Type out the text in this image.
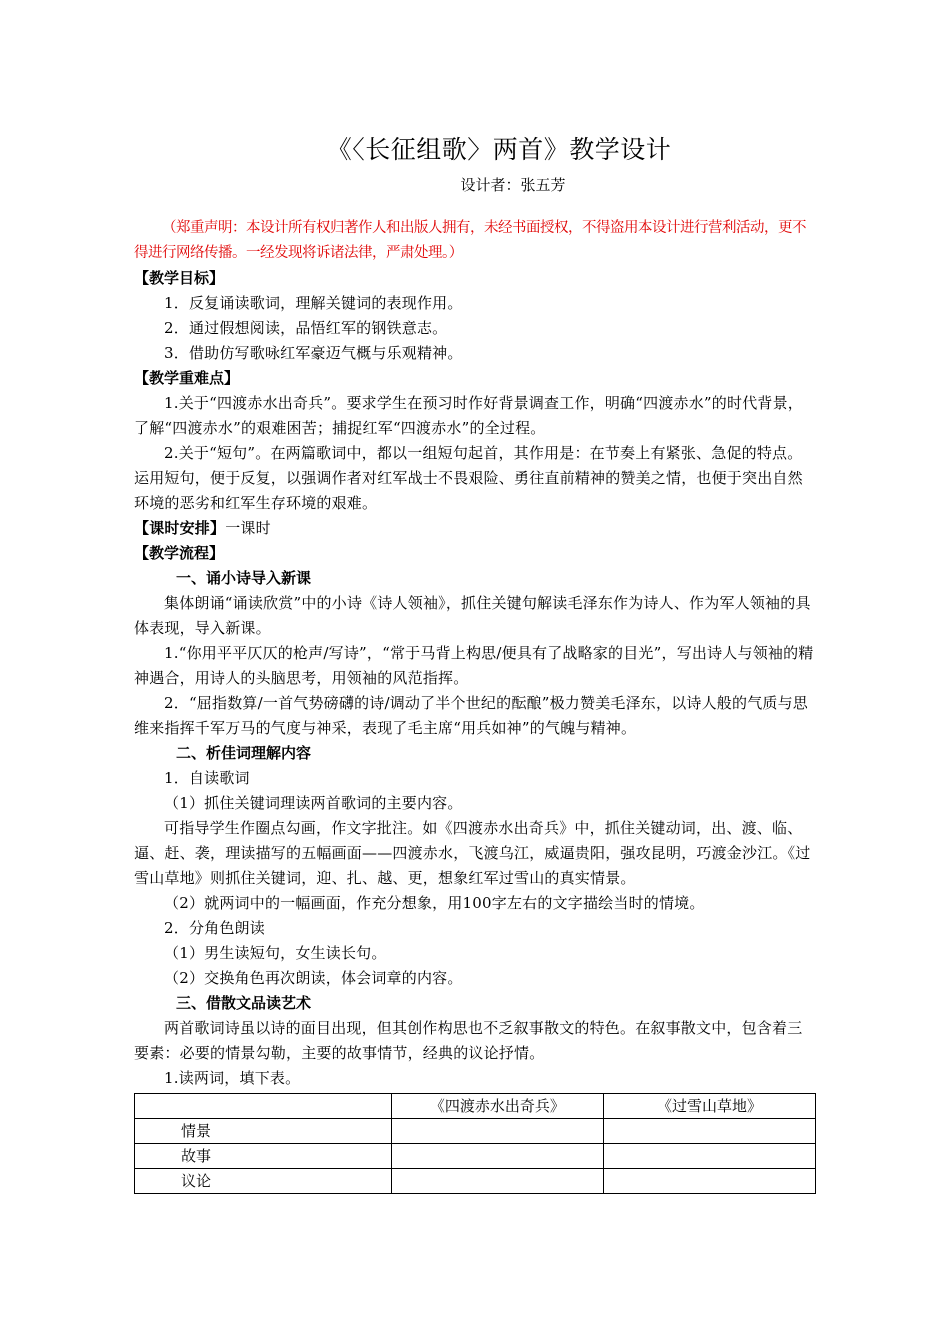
《〈长征组歌〉两首》教学设计
设计者：张五芳
（郑重声明：本设计所有权归著作人和出版人拥有，未经书面授权，不得盗用本设计进行营利活动，更不得进行网络传播。一经发现将诉诸法律，严肃处理。）
【教学目标】

1．反复诵读歌词，理解关键词的表现作用。

2．通过假想阅读，品悟红军的钢铁意志。

3．借助仿写歌咏红军豪迈气概与乐观精神。

【教学重难点】

1.关于“四渡赤水出奇兵”。要求学生在预习时作好背景调查工作，明确“四渡赤水”的时代背景，了解“四渡赤水”的艰难困苦；捕捉红军“四渡赤水”的全过程。

2.关于“短句”。在两篇歌词中，都以一组短句起首，其作用是：在节奏上有紧张、急促的特点。运用短句，便于反复，以强调作者对红军战士不畏艰险、勇往直前精神的赞美之情，也便于突出自然环境的恶劣和红军生存环境的艰难。

【课时安排】一课时
【教学流程】
一、诵小诗导入新课

集体朗诵“诵读欣赏”中的小诗《诗人领袖》，抓住关键句解读毛泽东作为诗人、作为军人领袖的具体表现，导入新课。

1.“你用平平仄仄的枪声/写诗”，“常于马背上构思/便具有了战略家的目光”，写出诗人与领袖的精神遇合，用诗人的头脑思考，用领袖的风范指挥。

2．“屈指数算/一首气势磅礴的诗/调动了半个世纪的酝酿”极力赞美毛泽东，以诗人般的气质与思维来指挥千军万马的气度与神采，表现了毛主席“用兵如神”的气魄与精神。

二、析佳词理解内容

1．自读歌词

（1）抓住关键词理读两首歌词的主要内容。

可指导学生作圈点勾画，作文字批注。如《四渡赤水出奇兵》中，抓住关键动词，出、渡、临、逼、赶、袭，理读描写的五幅画面——四渡赤水，飞渡乌江，威逼贵阳，强攻昆明，巧渡金沙江。《过雪山草地》则抓住关键词，迎、扎、越、更，想象红军过雪山的真实情景。

（2）就两词中的一幅画面，作充分想象，用100字左右的文字描绘当时的情境。

2．分角色朗读

（1）男生读短句，女生读长句。

（2）交换角色再次朗读，体会词章的内容。

三、借散文品读艺术

两首歌词诗虽以诗的面目出现，但其创作构思也不乏叙事散文的特色。在叙事散文中，包含着三要素：必要的情景勾勒，主要的故事情节，经典的议论抒情。

1.读两词，填下表。

	《四渡赤水出奇兵》	《过雪山草地》
情景		
故事		
议论		
